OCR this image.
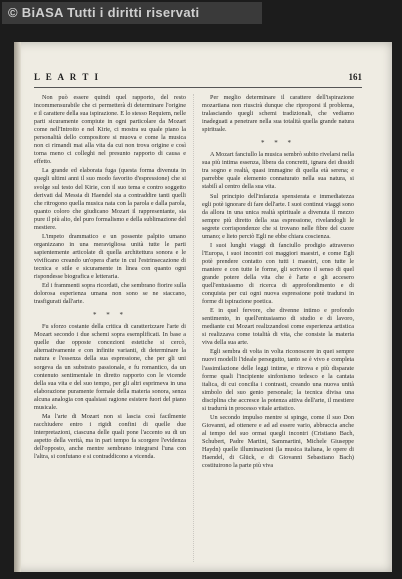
© BiASA Tutti i diritti riservati
L E A R T I	161

Non può essere quindi quel rapporto, del resto incommensurabile che ci permetterà di determinare l'origine e il carattere della sua ispirazione. E lo stesso Requiem, nelle parti sicuramente compiute in ogni particolare da Mozart come nell'Introito e nel Kirie, ci mostra su quale piano la personalità dello compositore si muova e come la musica non ci rimandi mai alla vita da cui non trova origine e così torna meno ci colleghi nel presunto rapporto di causa e effetto.

La grande ed elaborata fuga (questa forma divenuta in quegli ultimi anni il suo modo favorito d'espressione) che si svolge sul testo del Kirie, con il suo tema e contro soggetto derivati dal Messia di Haendel sta a contraddire tanti quelli che ritrogono quella musica nata con la parola e dalla parola, quanto coloro che giudicano Mozart il rappresentante, sia pure il più alto, del puro formalismo e della sublimazione del mestiere.

L'impeto drammatico e un possente palpito umano organizzano in una meravigliosa unità tutte le parti sapientemente articolate di quella architettura sonora e le vivificano creando un'opera d'arte in cui l'estrinsecazione di tecnica e stile e sicuramente in linea con quanto ogni rispondesse biografica e letteraria.

Ed i frammenti sopra ricordati, che sembrano fiorire sulla dolorosa esperienza umana non sono se ne staccano, trasfigurati dall'arte.

* * *

Fu sforzo costante della critica di caratterizzare l'arte di Mozart secondo i due schemi sopra esemplificati. In base a quelle due opposte concezioni estetiche si cercò, alternativamente e con infinite varianti, di determinare la natura e l'essenza della sua espressione, che per gli uni sorgeva da un substrato passionale, e fu romantico, da un contenuto sentimentale in diretto rapporto con le vicende della sua vita e del suo tempo, per gli altri esprimeva in una elaborazione puramente formale della materia sonora, senza alcuna analogia con qualsiasi ragione esistere fuori del piano musicale.

Ma l'arte di Mozart non si lascia così facilmente racchiudere entro i rigidi confini di quelle due interpretazioni, ciascuna delle quali pone l'accento su di un aspetto della verità, ma in pari tempo fa scorgere l'evidenza dell'opposto, anche mentre sembrano integrarsi l'una con l'altra, si confutano e si contraddicono a vicenda.

Per meglio determinare il carattere dell'ispirazione mozartiana non riuscirà dunque che riproporsi il problema, tralasciando quegli schemi tradizionali, che vediamo inadeguati a penetrare nella sua totalità quella grande natura spirituale.

* * *

A Mozart fanciullo la musica sembrò subito rivelarsi nella sua più intima essenza, libera da concretti, ignara dei dissidi tra sogno e realtà, quasi immagine di quella età serena; e parrebbe quale elemento connaturato nella sua natura, si stabilì al centro della sua vita.

Sul principio dell'infanzia spensierata e immediatezza egli potè ignorare di fare dell'arte. I suoi continui viaggi sono da allora in una unica realtà spirituale a divenuta il mezzo sempre più diretto della sua espressione, rivelandogli le segrete corrispondenze che si trovano nelle fibre del cuore umano; e lieto perciò Egli ne ebbe chiara coscienza.

I suoi lunghi viaggi di fanciullo prodigio attraverso l'Europa, i suoi incontri coi maggiori maestri, e come Egli potè prendere contatto con tutti i maestri, con tutte le maniere e con tutte le forme, gli scrivono il senso di quel grande potere della vita che è l'arte e gli accesero quell'entusiasmo di ricerca di approfondimento e di conquista per cui ogni nuova espressione potè tradursi in forme di ispirazione poetica.

E in quel fervore, che divenne intimo e profondo sentimento, in quell'entusiasmo di studio e di lavoro, mediante cui Mozart realizzandosi come esperienza artistica si realizzava come totalità di vita, che consiste la materia viva della sua arte.

Egli sembra di volta in volta riconoscere in quei sempre nuovi modelli l'ideale perseguito, tanto se è vivo e completa l'assimilazione delle leggi intime, e ritrova e più disparate forme quali l'incipiente sinfonismo tedesco e la cantata italica, di cui concilia i contrasti, creando una nuova unità simbolo del suo genio personale; la tecnica divisa una disciplina che accresce la potenza attiva dell'arte, il mestiere si tradurrà in processo vitale artistico.

Un secondo impulso mentre si spinge, come il suo Don Giovanni, ad ottenere e ad ad essere vario, abbraccia anche al tempo del suo ormai quegli incontri (Cristiano Bach, Schubert, Padre Martini, Sammartini, Michele Giuseppe Haydn) quelle illuminazioni (la musica italiana, le opere di Haendel, di Glück, e di Giovanni Sebastiano Bach) costituirono la parte più viva
